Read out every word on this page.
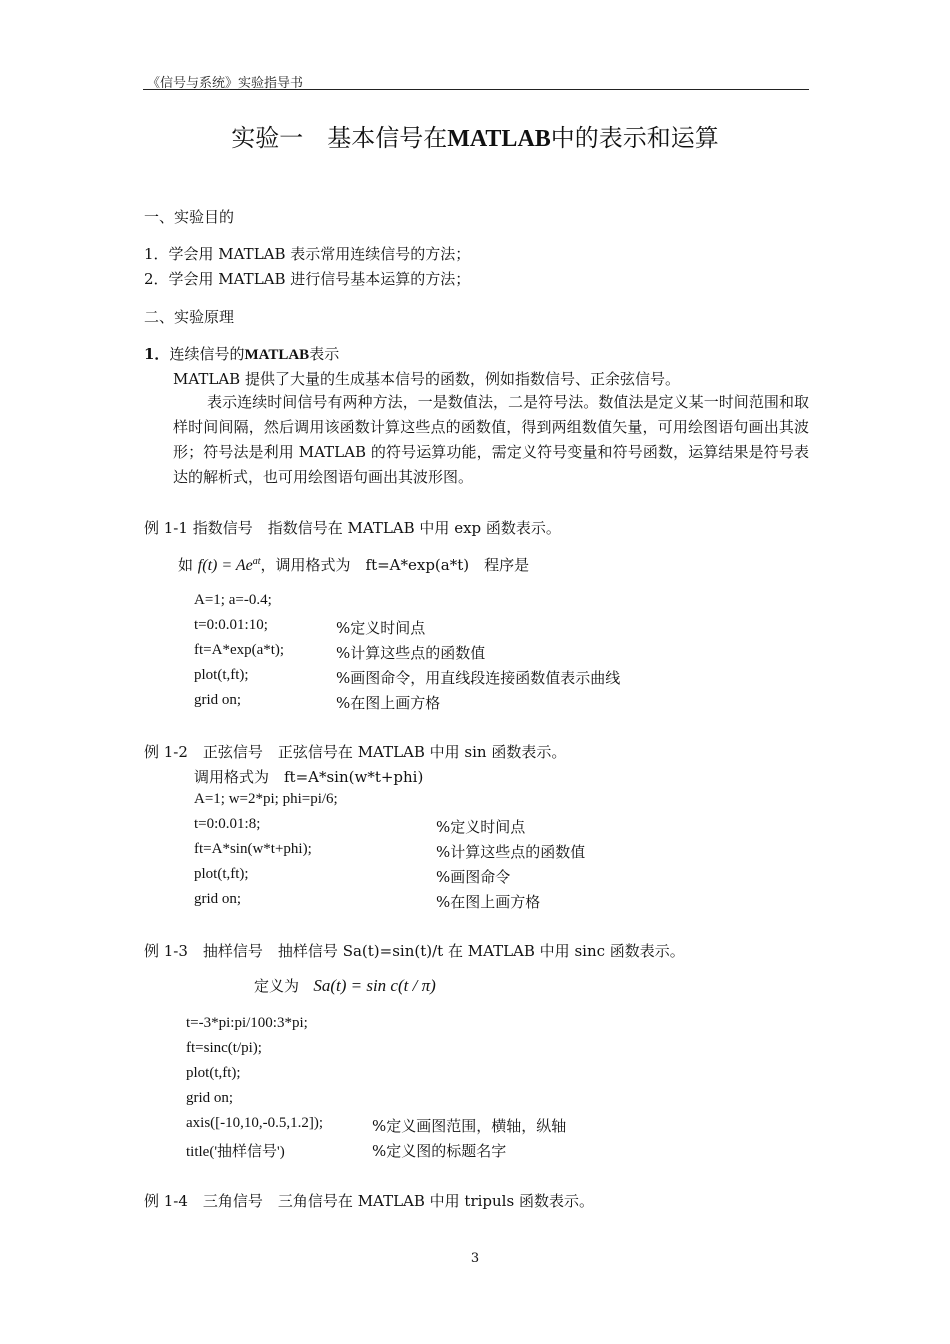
《信号与系统》实验指导书
实验一　基本信号在MATLAB中的表示和运算
一、实验目的
1．学会用 MATLAB 表示常用连续信号的方法；
2．学会用 MATLAB 进行信号基本运算的方法；
二、实验原理
1．连续信号的MATLAB表示
MATLAB 提供了大量的生成基本信号的函数，例如指数信号、正余弦信号。
表示连续时间信号有两种方法，一是数值法，二是符号法。数值法是定义某一时间范围和取样时间间隔，然后调用该函数计算这些点的函数值，得到两组数值矢量，可用绘图语句画出其波形；符号法是利用 MATLAB 的符号运算功能，需定义符号变量和符号函数，运算结果是符号表达的解析式，也可用绘图语句画出其波形图。
例 1-1 指数信号　指数信号在 MATLAB 中用 exp 函数表示。
如 $f(t) = Ae^{at}$，调用格式为　ft=A*exp(a*t)　程序是
A=1; a=-0.4;
t=0:0.01:10;	%定义时间点
ft=A*exp(a*t);	%计算这些点的函数值
plot(t,ft);	%画图命令，用直线段连接函数值表示曲线
grid on;	%在图上画方格
例 1-2　正弦信号　正弦信号在 MATLAB 中用 sin 函数表示。
调用格式为　ft=A*sin(w*t+phi)
A=1; w=2*pi; phi=pi/6;
t=0:0.01:8;	%定义时间点
ft=A*sin(w*t+phi);	%计算这些点的函数值
plot(t,ft);	%画图命令
grid on;	%在图上画方格
例 1-3　抽样信号　抽样信号 Sa(t)=sin(t)/t 在 MATLAB 中用 sinc 函数表示。
定义为 Sa(t) = sin c(t / π)
t=-3*pi:pi/100:3*pi;
ft=sinc(t/pi);
plot(t,ft);
grid on;
axis([-10,10,-0.5,1.2]);	%定义画图范围，横轴，纵轴
title('抽样信号')	%定义图的标题名字
例 1-4　三角信号　三角信号在 MATLAB 中用 tripuls 函数表示。
3
